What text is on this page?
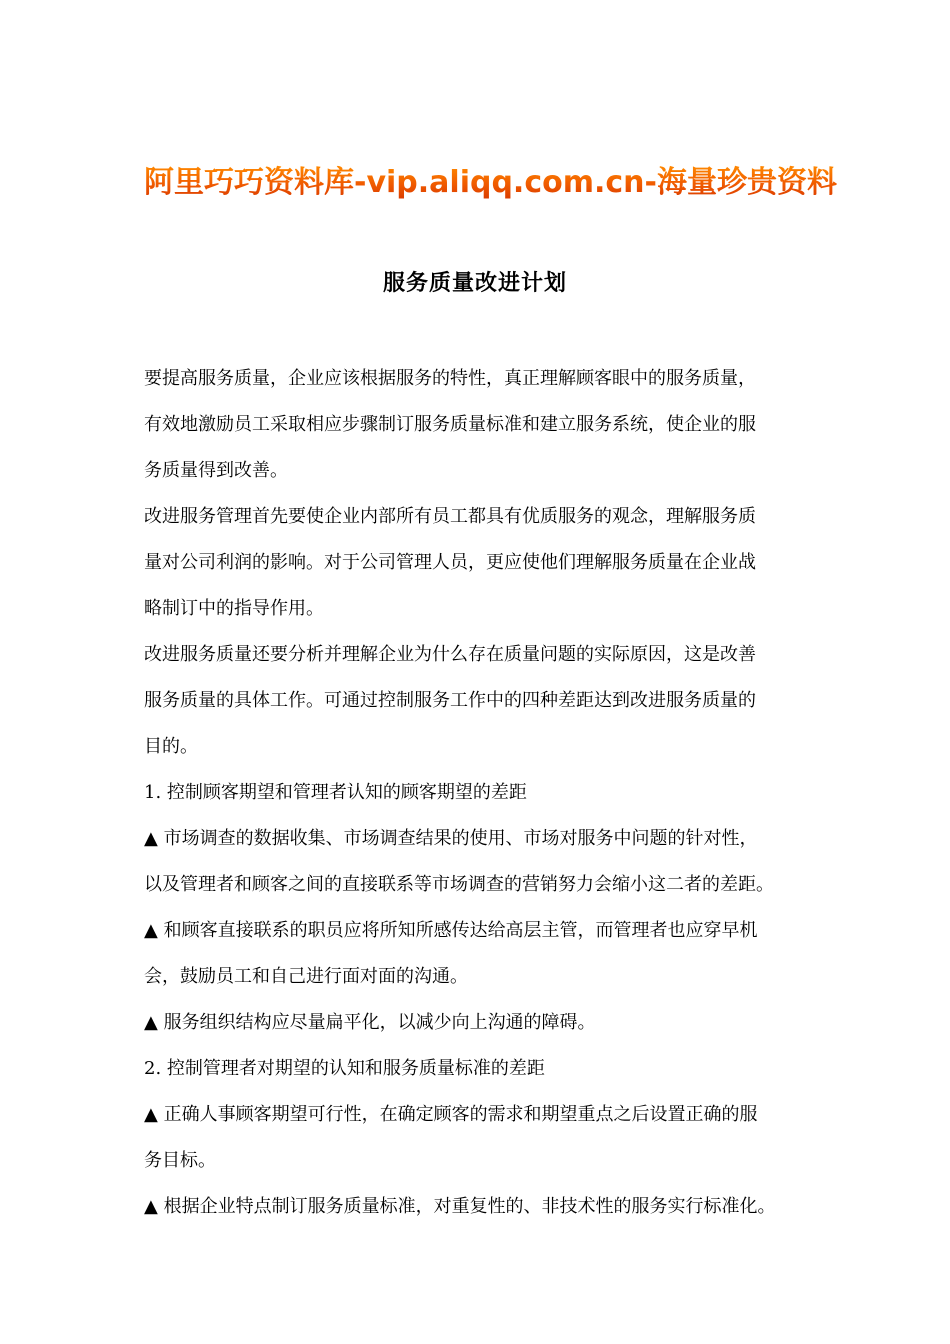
阿里巧巧资料库-vip.aliqq.com.cn-海量珍贵资料
服务质量改进计划
要提高服务质量，企业应该根据服务的特性，真正理解顾客眼中的服务质量，
有效地激励员工采取相应步骤制订服务质量标准和建立服务系统，使企业的服
务质量得到改善。
改进服务管理首先要使企业内部所有员工都具有优质服务的观念，理解服务质
量对公司利润的影响。对于公司管理人员，更应使他们理解服务质量在企业战
略制订中的指导作用。
改进服务质量还要分析并理解企业为什么存在质量问题的实际原因，这是改善
服务质量的具体工作。可通过控制服务工作中的四种差距达到改进服务质量的
目的。
1. 控制顾客期望和管理者认知的顾客期望的差距
▲ 市场调查的数据收集、市场调查结果的使用、市场对服务中问题的针对性，
以及管理者和顾客之间的直接联系等市场调查的营销努力会缩小这二者的差距。
▲ 和顾客直接联系的职员应将所知所感传达给高层主管，而管理者也应穿早机
会，鼓励员工和自己进行面对面的沟通。
▲ 服务组织结构应尽量扁平化，以减少向上沟通的障碍。
2. 控制管理者对期望的认知和服务质量标准的差距
▲ 正确人事顾客期望可行性，在确定顾客的需求和期望重点之后设置正确的服
务目标。
▲ 根据企业特点制订服务质量标准，对重复性的、非技术性的服务实行标准化。
